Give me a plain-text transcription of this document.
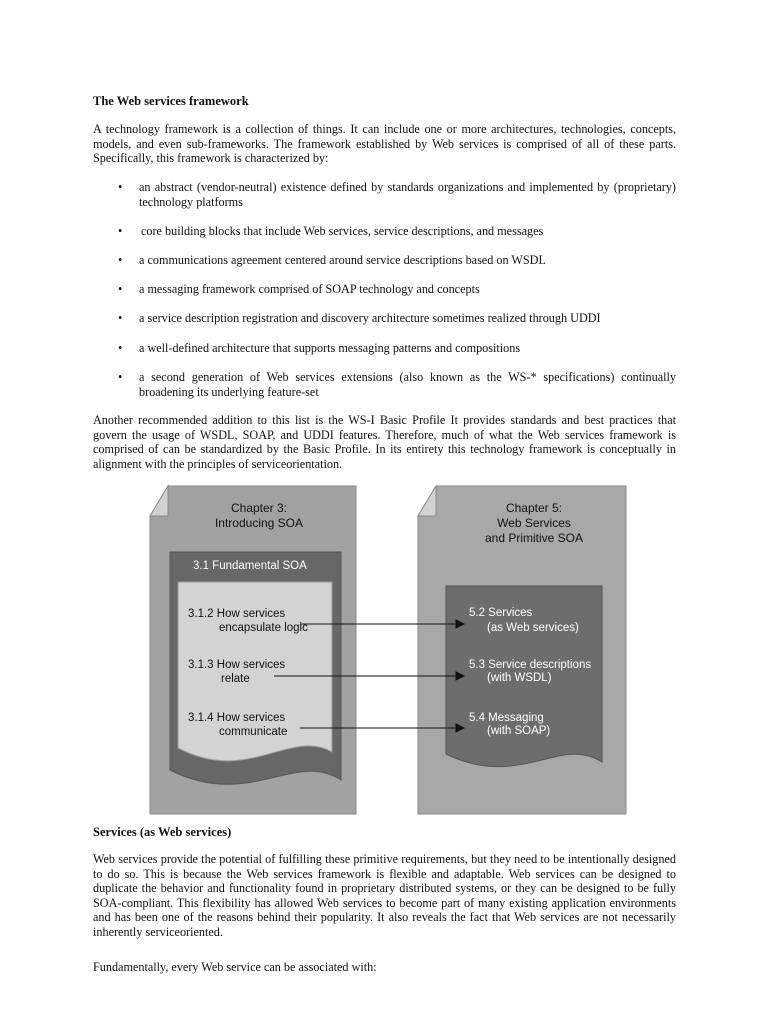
The Web services framework

A technology framework is a collection of things. It can include one or more architectures, technologies, concepts, models, and even sub-frameworks. The framework established by Web services is comprised of all of these parts. Specifically, this framework is characterized by:

•	an abstract (vendor-neutral) existence defined by standards organizations and implemented by (proprietary) technology platforms
•	core building blocks that include Web services, service descriptions, and messages
•	a communications agreement centered around service descriptions based on WSDL
•	a messaging framework comprised of SOAP technology and concepts
•	a service description registration and discovery architecture sometimes realized through UDDI
•	a well-defined architecture that supports messaging patterns and compositions
•	a second generation of Web services extensions (also known as the WS-* specifications) continually broadening its underlying feature-set

Another recommended addition to this list is the WS-I Basic Profile It provides standards and best practices that govern the usage of WSDL, SOAP, and UDDI features. Therefore, much of what the Web services framework is comprised of can be standardized by the Basic Profile. In its entirety this technology framework is conceptually in alignment with the principles of serviceorientation.

Chapter 3:
Introducing SOA
3.1 Fundamental SOA
3.1.2 How services
encapsulate logic
3.1.3 How services
relate
3.1.4 How services
communicate
Chapter 5:
Web Services
and Primitive SOA
5.2 Services
(as Web services)
5.3 Service descriptions
(with WSDL)
5.4 Messaging
(with SOAP)
Services (as Web services)

Web services provide the potential of fulfilling these primitive requirements, but they need to be intentionally designed to do so. This is because the Web services framework is flexible and adaptable. Web services can be designed to duplicate the behavior and functionality found in proprietary distributed systems, or they can be designed to be fully SOA-compliant. This flexibility has allowed Web services to become part of many existing application environments and has been one of the reasons behind their popularity. It also reveals the fact that Web services are not necessarily inherently serviceoriented.

Fundamentally, every Web service can be associated with:
